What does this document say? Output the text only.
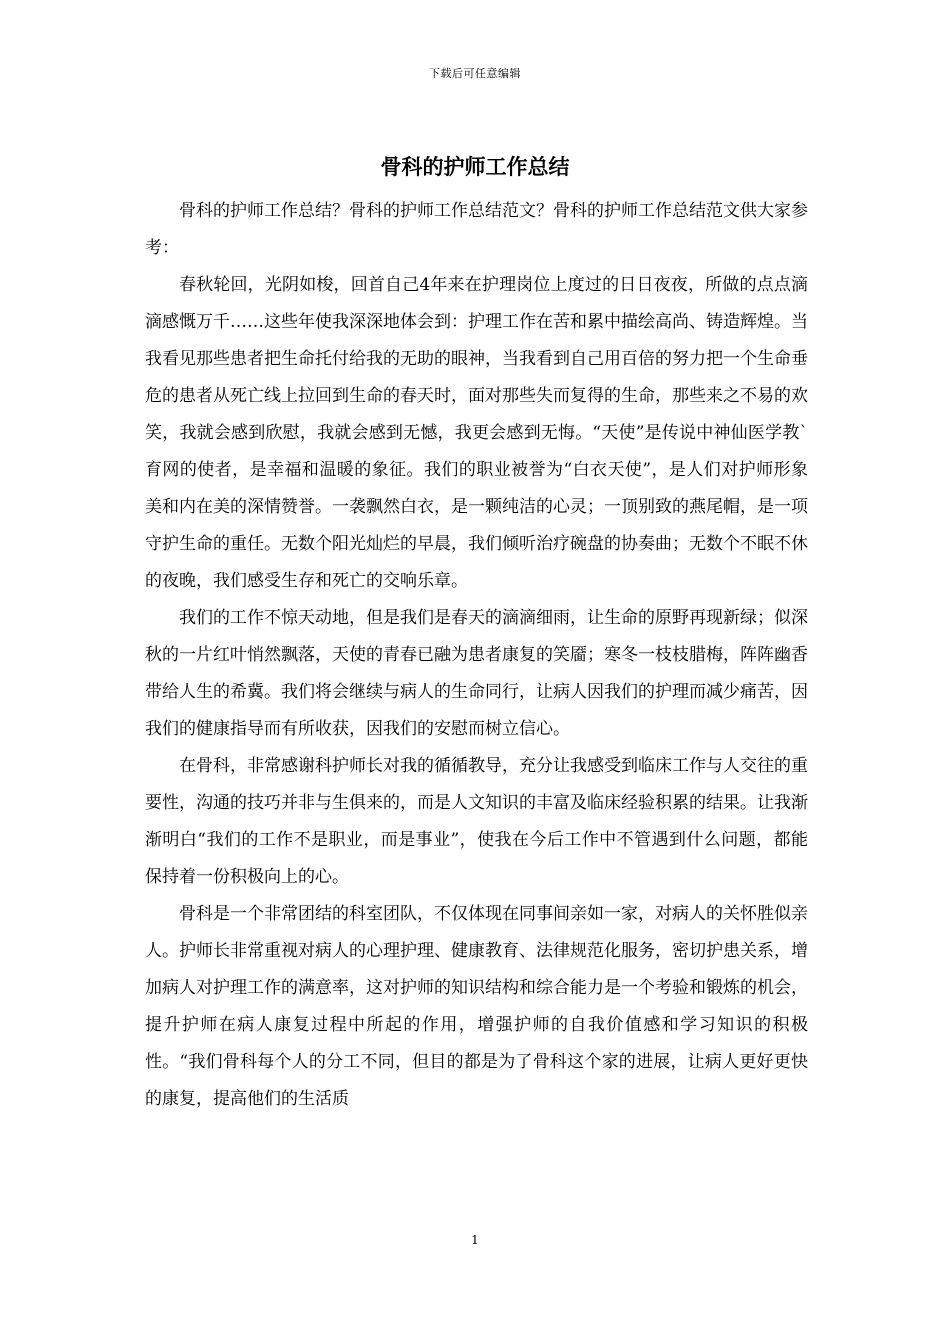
下载后可任意编辑
骨科的护师工作总结

骨科的护师工作总结？骨科的护师工作总结范文？骨科的护师工作总结范文供大家参考：

春秋轮回，光阴如梭，回首自己4年来在护理岗位上度过的日日夜夜，所做的点点滴滴感慨万千……这些年使我深深地体会到：护理工作在苦和累中描绘高尚、铸造辉煌。当我看见那些患者把生命托付给我的无助的眼神，当我看到自己用百倍的努力把一个生命垂危的患者从死亡线上拉回到生命的春天时，面对那些失而复得的生命，那些来之不易的欢笑，我就会感到欣慰，我就会感到无憾，我更会感到无悔。“天使”是传说中神仙医学教`育网的使者，是幸福和温暖的象征。我们的职业被誉为“白衣天使”，是人们对护师形象美和内在美的深情赞誉。一袭飘然白衣，是一颗纯洁的心灵；一顶别致的燕尾帽，是一项守护生命的重任。无数个阳光灿烂的早晨，我们倾听治疗碗盘的协奏曲；无数个不眠不休的夜晚，我们感受生存和死亡的交响乐章。

我们的工作不惊天动地，但是我们是春天的滴滴细雨，让生命的原野再现新绿；似深秋的一片红叶悄然飘落，天使的青春已融为患者康复的笑靥；寒冬一枝枝腊梅，阵阵幽香带给人生的希冀。我们将会继续与病人的生命同行，让病人因我们的护理而减少痛苦，因我们的健康指导而有所收获，因我们的安慰而树立信心。

在骨科，非常感谢科护师长对我的循循教导，充分让我感受到临床工作与人交往的重要性，沟通的技巧并非与生俱来的，而是人文知识的丰富及临床经验积累的结果。让我渐渐明白“我们的工作不是职业，而是事业”，使我在今后工作中不管遇到什么问题，都能保持着一份积极向上的心。

骨科是一个非常团结的科室团队，不仅体现在同事间亲如一家，对病人的关怀胜似亲人。护师长非常重视对病人的心理护理、健康教育、法律规范化服务，密切护患关系，增加病人对护理工作的满意率，这对护师的知识结构和综合能力是一个考验和锻炼的机会，提升护师在病人康复过程中所起的作用，增强护师的自我价值感和学习知识的积极性。“我们骨科每个人的分工不同，但目的都是为了骨科这个家的进展，让病人更好更快的康复，提高他们的生活质

1
